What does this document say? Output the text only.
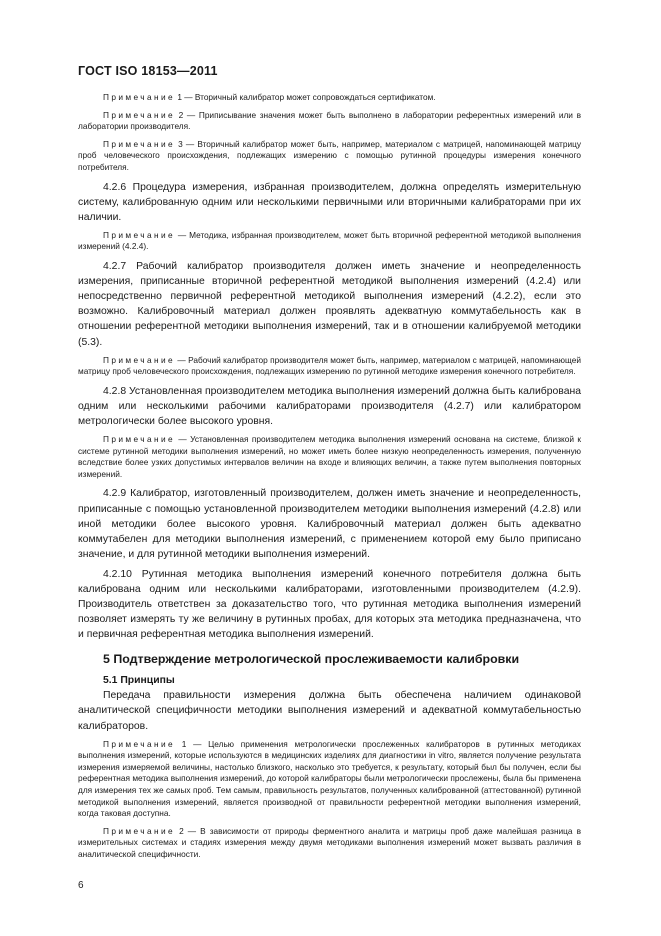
ГОСТ ISO 18153—2011

Примечание 1 — Вторичный калибратор может сопровождаться сертификатом.

Примечание 2 — Приписывание значения может быть выполнено в лаборатории референтных измерений или в лаборатории производителя.

Примечание 3 — Вторичный калибратор может быть, например, материалом с матрицей, напоминающей матрицу проб человеческого происхождения, подлежащих измерению с помощью рутинной процедуры измерения конечного потребителя.

4.2.6 Процедура измерения, избранная производителем, должна определять измерительную систему, калиброванную одним или несколькими первичными или вторичными калибраторами при их наличии.

Примечание — Методика, избранная производителем, может быть вторичной референтной методикой выполнения измерений (4.2.4).

4.2.7 Рабочий калибратор производителя должен иметь значение и неопределенность измерения, приписанные вторичной референтной методикой выполнения измерений (4.2.4) или непосредственно первичной референтной методикой выполнения измерений (4.2.2), если это возможно. Калибровочный материал должен проявлять адекватную коммутабельность как в отношении референтной методики выполнения измерений, так и в отношении калибруемой методики (5.3).

Примечание — Рабочий калибратор производителя может быть, например, материалом с матрицей, напоминающей матрицу проб человеческого происхождения, подлежащих измерению по рутинной методике измерения конечного потребителя.

4.2.8 Установленная производителем методика выполнения измерений должна быть калибрована одним или несколькими рабочими калибраторами производителя (4.2.7) или калибратором метрологически более высокого уровня.

Примечание — Установленная производителем методика выполнения измерений основана на системе, близкой к системе рутинной методики выполнения измерений, но может иметь более низкую неопределенность измерения, полученную вследствие более узких допустимых интервалов величин на входе и влияющих величин, а также путем выполнения повторных измерений.

4.2.9 Калибратор, изготовленный производителем, должен иметь значение и неопределенность, приписанные с помощью установленной производителем методики выполнения измерений (4.2.8) или иной методики более высокого уровня. Калибровочный материал должен быть адекватно коммутабелен для методики выполнения измерений, с применением которой ему было приписано значение, и для рутинной методики выполнения измерений.

4.2.10 Рутинная методика выполнения измерений конечного потребителя должна быть калибрована одним или несколькими калибраторами, изготовленными производителем (4.2.9). Производитель ответствен за доказательство того, что рутинная методика выполнения измерений позволяет измерять ту же величину в рутинных пробах, для которых эта методика предназначена, что и первичная референтная методика выполнения измерений.

5 Подтверждение метрологической прослеживаемости калибровки

5.1 Принципы

Передача правильности измерения должна быть обеспечена наличием одинаковой аналитической специфичности методики выполнения измерений и адекватной коммутабельностью калибраторов.

Примечание 1 — Целью применения метрологически прослеженных калибраторов в рутинных методиках выполнения измерений, которые используются в медицинских изделиях для диагностики in vitro, является получение результата измерения измеряемой величины, настолько близкого, насколько это требуется, к результату, который был бы получен, если бы референтная методика выполнения измерений, до которой калибраторы были метрологически прослежены, была бы применена для измерения тех же самых проб. Тем самым, правильность результатов, полученных калиброванной (аттестованной) рутинной методикой выполнения измерений, является производной от правильности референтной методики выполнения измерений, когда таковая доступна.

Примечание 2 — В зависимости от природы ферментного аналита и матрицы проб даже малейшая разница в измерительных системах и стадиях измерения между двумя методиками выполнения измерений может вызвать различия в аналитической специфичности.

6
